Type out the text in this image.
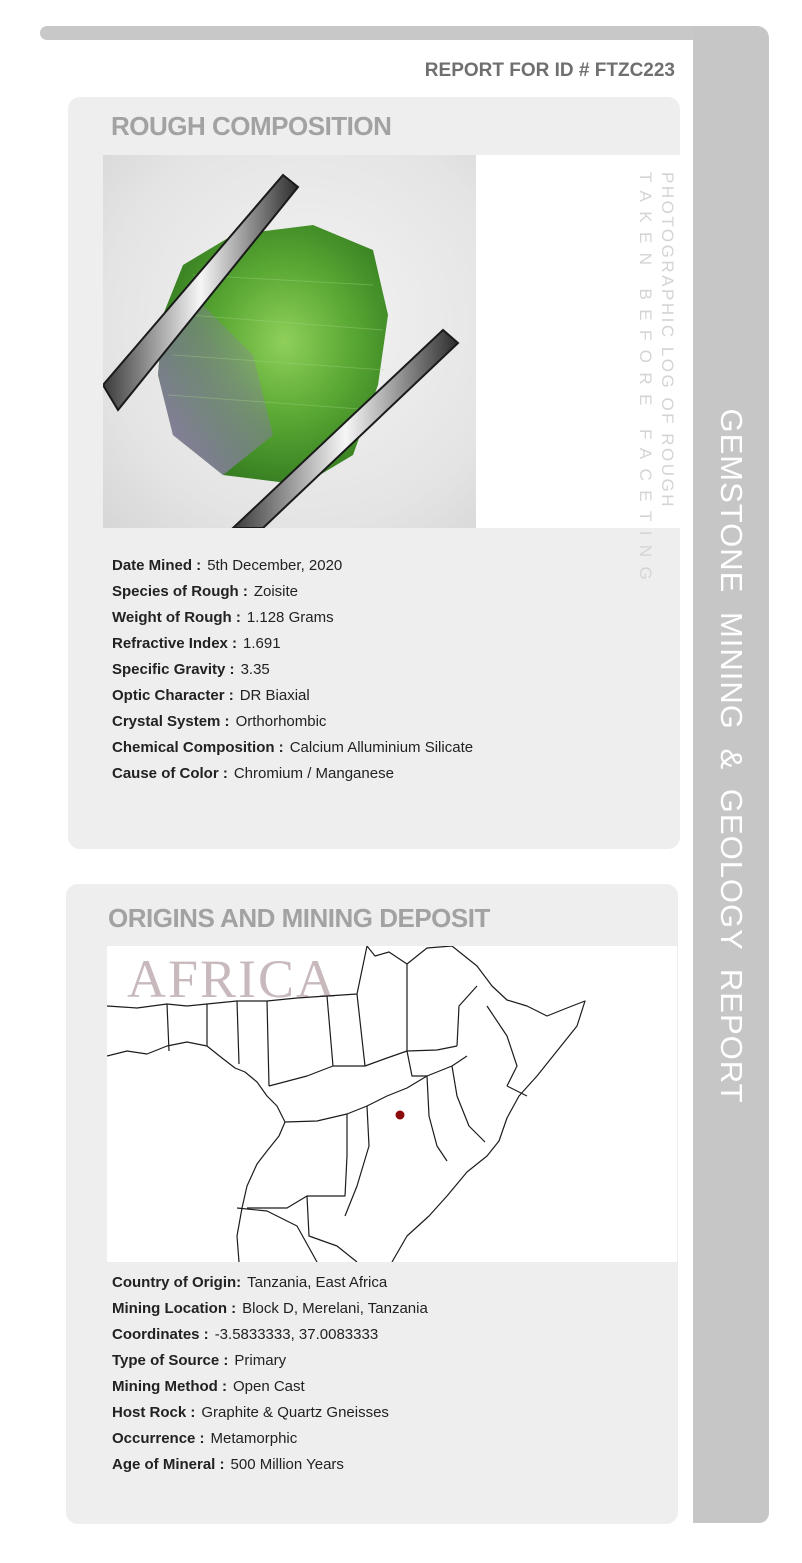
GEMSTONE MINING & GEOLOGY REPORT
REPORT FOR ID # FTZC223
ROUGH COMPOSITION
PHOTOGRAPHIC LOG OF ROUGH
TAKEN BEFORE FACETING
Date Mined : 5th December, 2020
Species of Rough : Zoisite
Weight of Rough : 1.128 Grams
Refractive Index : 1.691
Specific Gravity : 3.35
Optic Character : DR Biaxial
Crystal System : Orthorhombic
Chemical Composition : Calcium Alluminium Silicate
Cause of Color : Chromium / Manganese
ORIGINS AND MINING DEPOSIT
AFRICA
Country of Origin: Tanzania, East Africa
Mining Location : Block D, Merelani, Tanzania
Coordinates : -3.5833333, 37.0083333
Type of Source : Primary
Mining Method : Open Cast
Host Rock : Graphite & Quartz Gneisses
Occurrence : Metamorphic
Age of Mineral : 500 Million Years
